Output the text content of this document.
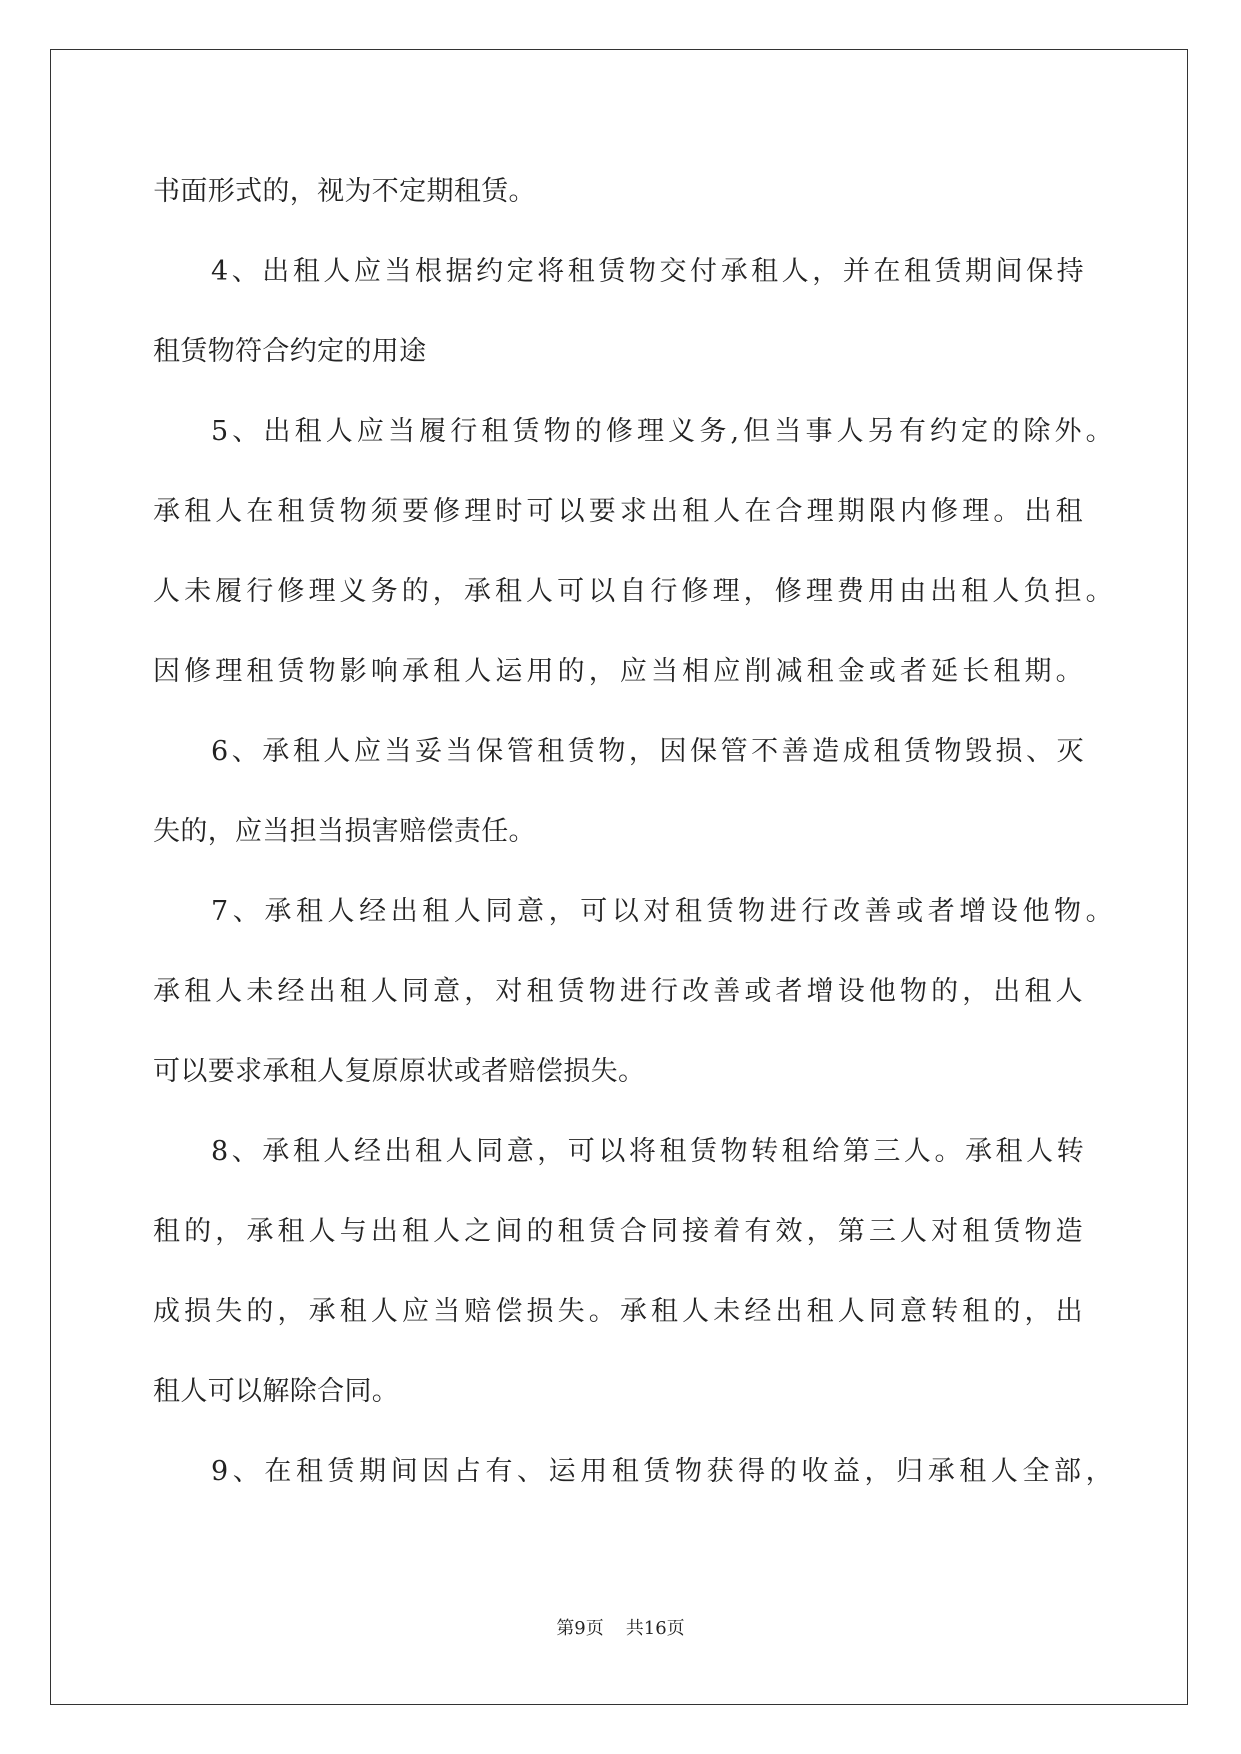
书面形式的，视为不定期租赁。
4、出租人应当根据约定将租赁物交付承租人，并在租赁期间保持
租赁物符合约定的用途
5、出租人应当履行租赁物的修理义务,但当事人另有约定的除外。
承租人在租赁物须要修理时可以要求出租人在合理期限内修理。出租
人未履行修理义务的，承租人可以自行修理，修理费用由出租人负担。
因修理租赁物影响承租人运用的，应当相应削减租金或者延长租期。
6、承租人应当妥当保管租赁物，因保管不善造成租赁物毁损、灭
失的，应当担当损害赔偿责任。
7、承租人经出租人同意，可以对租赁物进行改善或者增设他物。
承租人未经出租人同意，对租赁物进行改善或者增设他物的，出租人
可以要求承租人复原原状或者赔偿损失。
8、承租人经出租人同意，可以将租赁物转租给第三人。承租人转
租的，承租人与出租人之间的租赁合同接着有效，第三人对租赁物造
成损失的，承租人应当赔偿损失。承租人未经出租人同意转租的，出
租人可以解除合同。
9、在租赁期间因占有、运用租赁物获得的收益，归承租人全部，
第9页 共16页
